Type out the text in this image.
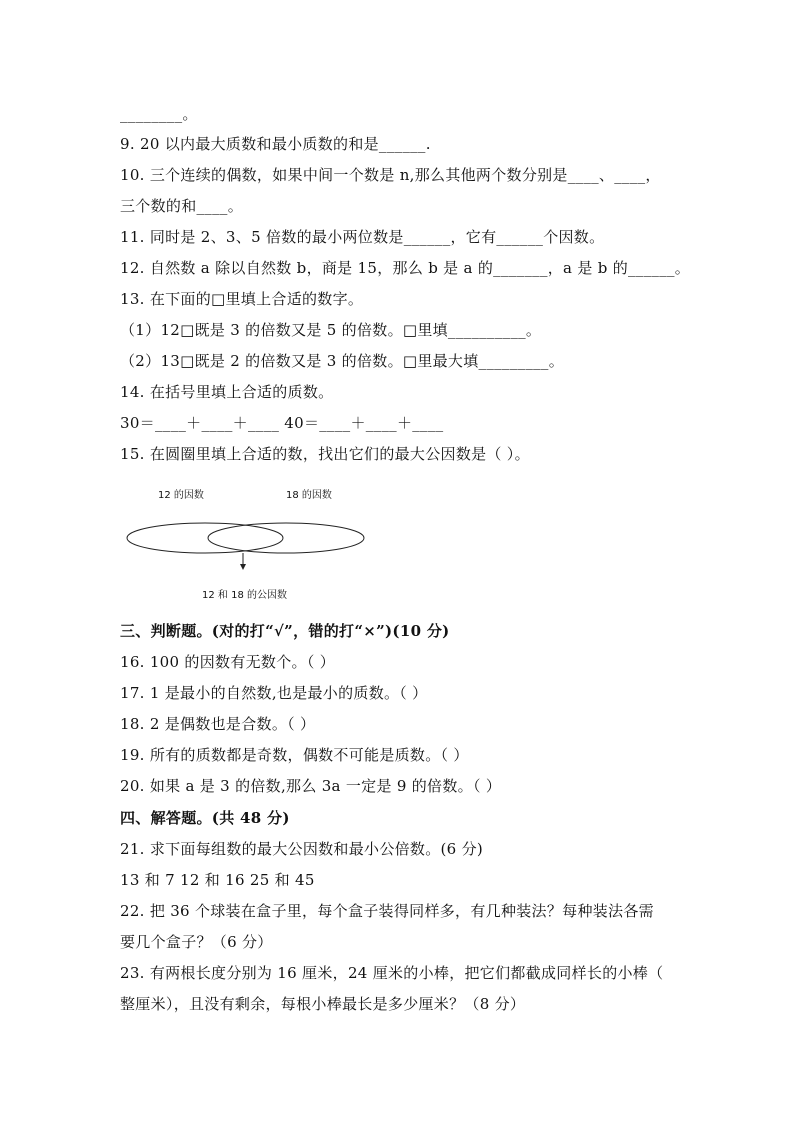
________。
9. 20 以内最大质数和最小质数的和是______.
10. 三个连续的偶数，如果中间一个数是 n,那么其他两个数分别是____、____，
三个数的和____。
11. 同时是 2、3、5 倍数的最小两位数是______，它有______个因数。
12. 自然数 a 除以自然数 b，商是 15，那么 b 是 a 的_______，a 是 b 的______。
13. 在下面的□里填上合适的数字。
（1）12□既是 3 的倍数又是 5 的倍数。□里填__________。
（2）13□既是 2 的倍数又是 3 的倍数。□里最大填_________。
14. 在括号里填上合适的质数。
30＝____＋____＋____ 40＝____＋____＋____
15. 在圆圈里填上合适的数，找出它们的最大公因数是（ ）。
12 的因数	18 的因数
12 和 18 的公因数
三、判断题。(对的打“√”，错的打“×”)(10 分)
16. 100 的因数有无数个。（ ）
17. 1 是最小的自然数,也是最小的质数。（ ）
18. 2 是偶数也是合数。（ ）
19. 所有的质数都是奇数，偶数不可能是质数。（ ）
20. 如果 a 是 3 的倍数,那么 3a 一定是 9 的倍数。（ ）
四、解答题。(共 48 分)
21. 求下面每组数的最大公因数和最小公倍数。(6 分)
13 和 7 12 和 16 25 和 45
22. 把 36 个球装在盒子里，每个盒子装得同样多，有几种装法？每种装法各需
要几个盒子？（6 分）
23. 有两根长度分别为 16 厘米，24 厘米的小棒，把它们都截成同样长的小棒（
整厘米），且没有剩余，每根小棒最长是多少厘米？（8 分）
